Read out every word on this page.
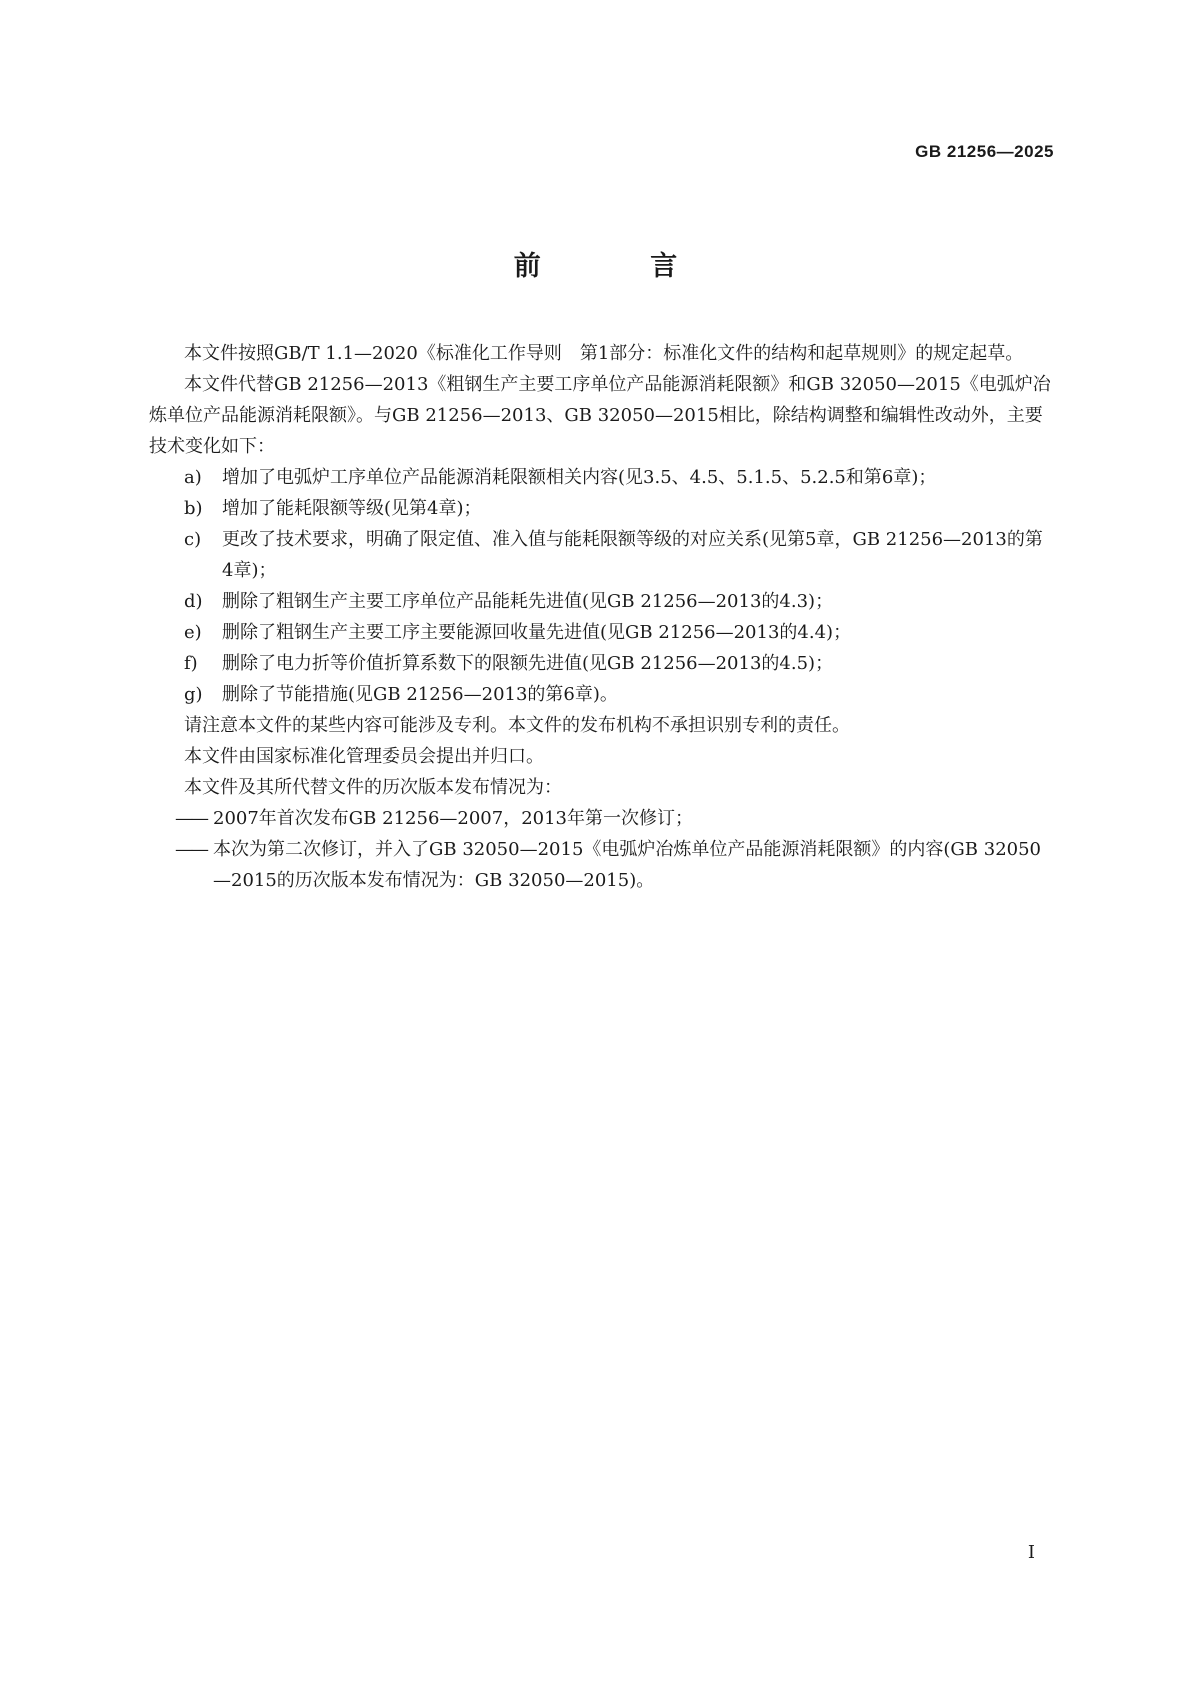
GB 21256—2025
前 言

本文件按照GB/T 1.1—2020《标准化工作导则　第1部分：标准化文件的结构和起草规则》的规定起草。

本文件代替GB 21256—2013《粗钢生产主要工序单位产品能源消耗限额》和GB 32050—2015《电弧炉冶炼单位产品能源消耗限额》。与GB 21256—2013、GB 32050—2015相比，除结构调整和编辑性改动外，主要技术变化如下：

a) 增加了电弧炉工序单位产品能源消耗限额相关内容(见3.5、4.5、5.1.5、5.2.5和第6章)；

b) 增加了能耗限额等级(见第4章)；

c) 更改了技术要求，明确了限定值、准入值与能耗限额等级的对应关系(见第5章，GB 21256—2013的第4章)；

d) 删除了粗钢生产主要工序单位产品能耗先进值(见GB 21256—2013的4.3)；

e) 删除了粗钢生产主要工序主要能源回收量先进值(见GB 21256—2013的4.4)；

f) 删除了电力折等价值折算系数下的限额先进值(见GB 21256—2013的4.5)；

g) 删除了节能措施(见GB 21256—2013的第6章)。

请注意本文件的某些内容可能涉及专利。本文件的发布机构不承担识别专利的责任。

本文件由国家标准化管理委员会提出并归口。

本文件及其所代替文件的历次版本发布情况为：

—— 2007年首次发布GB 21256—2007，2013年第一次修订；

—— 本次为第二次修订，并入了GB 32050—2015《电弧炉冶炼单位产品能源消耗限额》的内容(GB 32050—2015的历次版本发布情况为：GB 32050—2015)。

I
